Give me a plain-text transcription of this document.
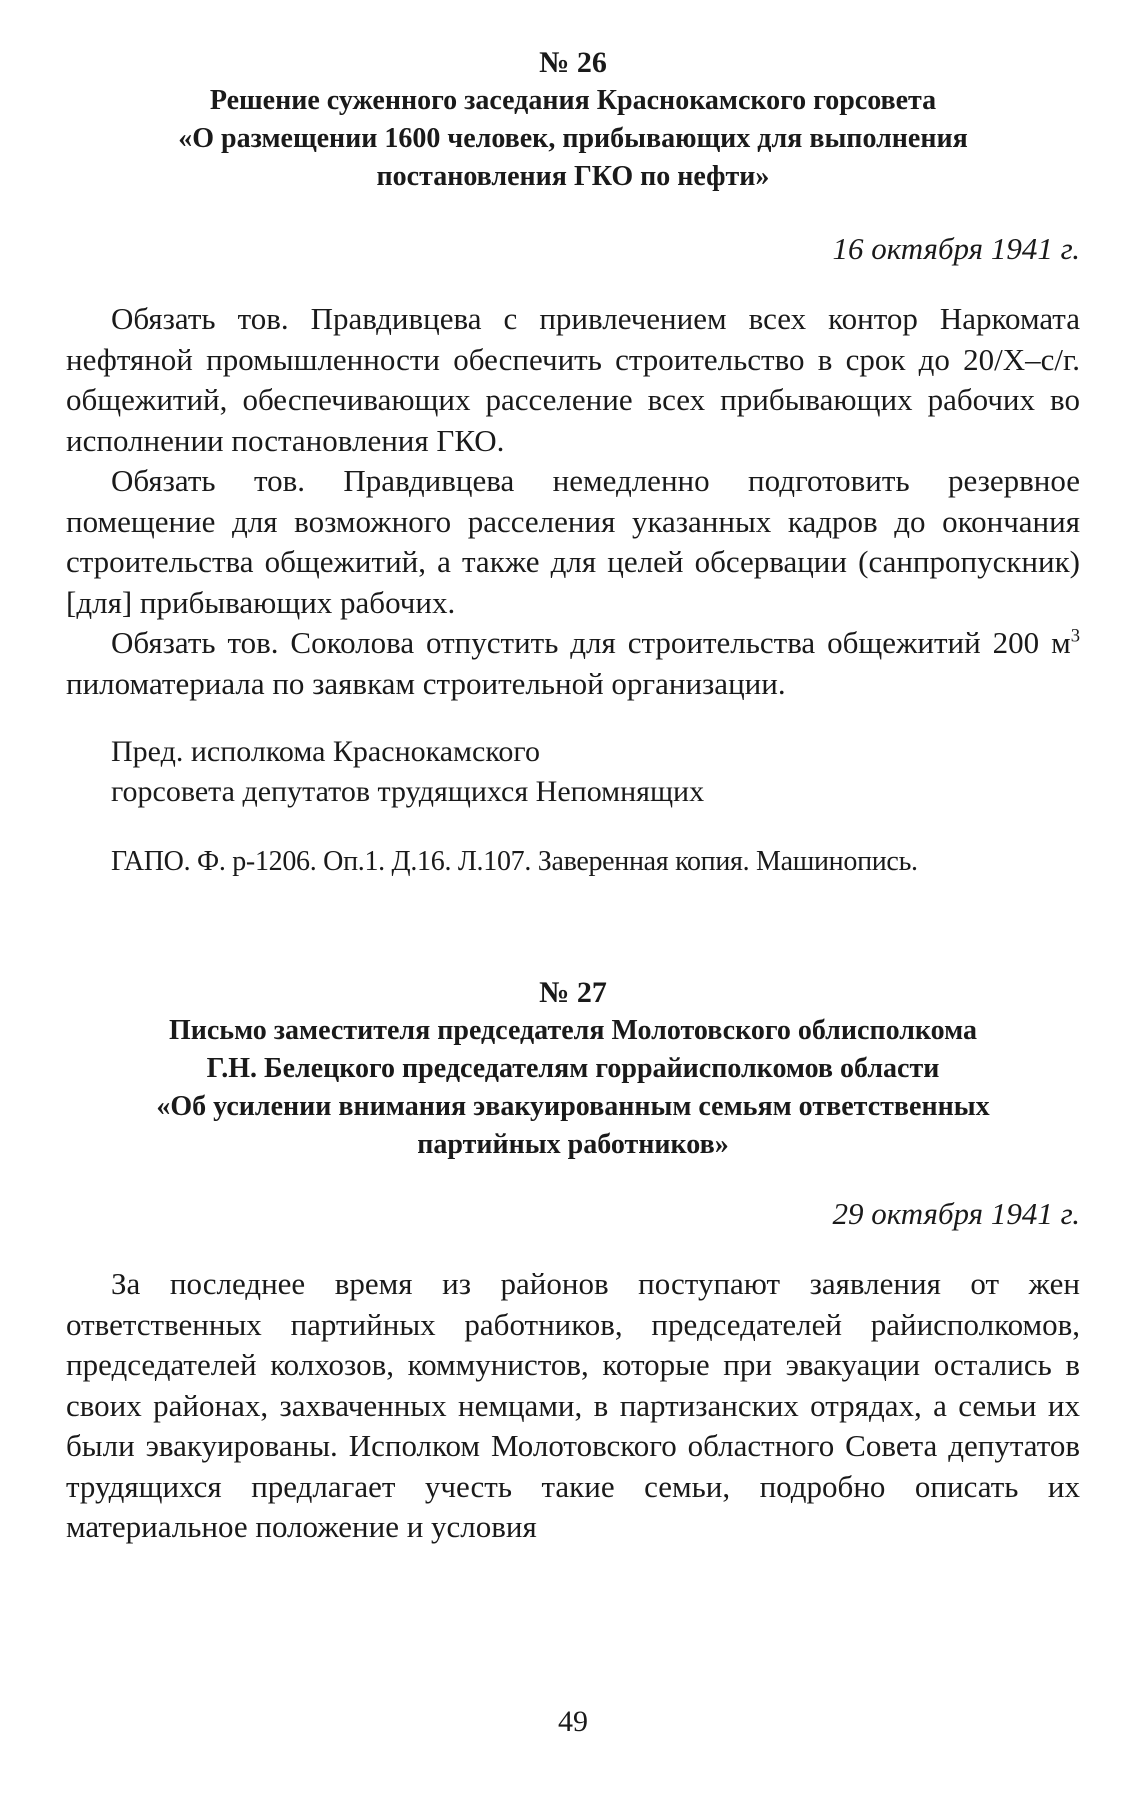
№ 26
Решение суженного заседания Краснокамского горсовета
«О размещении 1600 человек, прибывающих для выполнения
постановления ГКО по нефти»
16 октября 1941 г.

Обязать тов. Правдивцева с привлечением всех контор Наркомата нефтяной промышленности обеспечить строительство в срок до 20/X–с/г. общежитий, обеспечивающих расселение всех прибывающих рабочих во исполнении постановления ГКО.

Обязать тов. Правдивцева немедленно подготовить резервное помещение для возможного расселения указанных кадров до окончания строительства общежитий, а также для целей обсервации (санпропускник) [для] прибывающих рабочих.

Обязать тов. Соколова отпустить для строительства общежитий 200 $м^3$ пиломатериала по заявкам строительной организации.

Пред. исполкома Краснокамского
горсовета депутатов трудящихся Непомнящих
ГАПО. Ф. р-1206. Оп.1. Д.16. Л.107. Заверенная копия. Машинопись.
№ 27
Письмо заместителя председателя Молотовского облисполкома
Г.Н. Белецкого председателям горрайисполкомов области
«Об усилении внимания эвакуированным семьям ответственных
партийных работников»
29 октября 1941 г.

За последнее время из районов поступают заявления от жен ответственных партийных работников, председателей райисполкомов, председателей колхозов, коммунистов, которые при эвакуации остались в своих районах, захваченных немцами, в партизанских отрядах, а семьи их были эвакуированы. Исполком Молотовского областного Совета депутатов трудящихся предлагает учесть такие семьи, подробно описать их материальное положение и условия

49
